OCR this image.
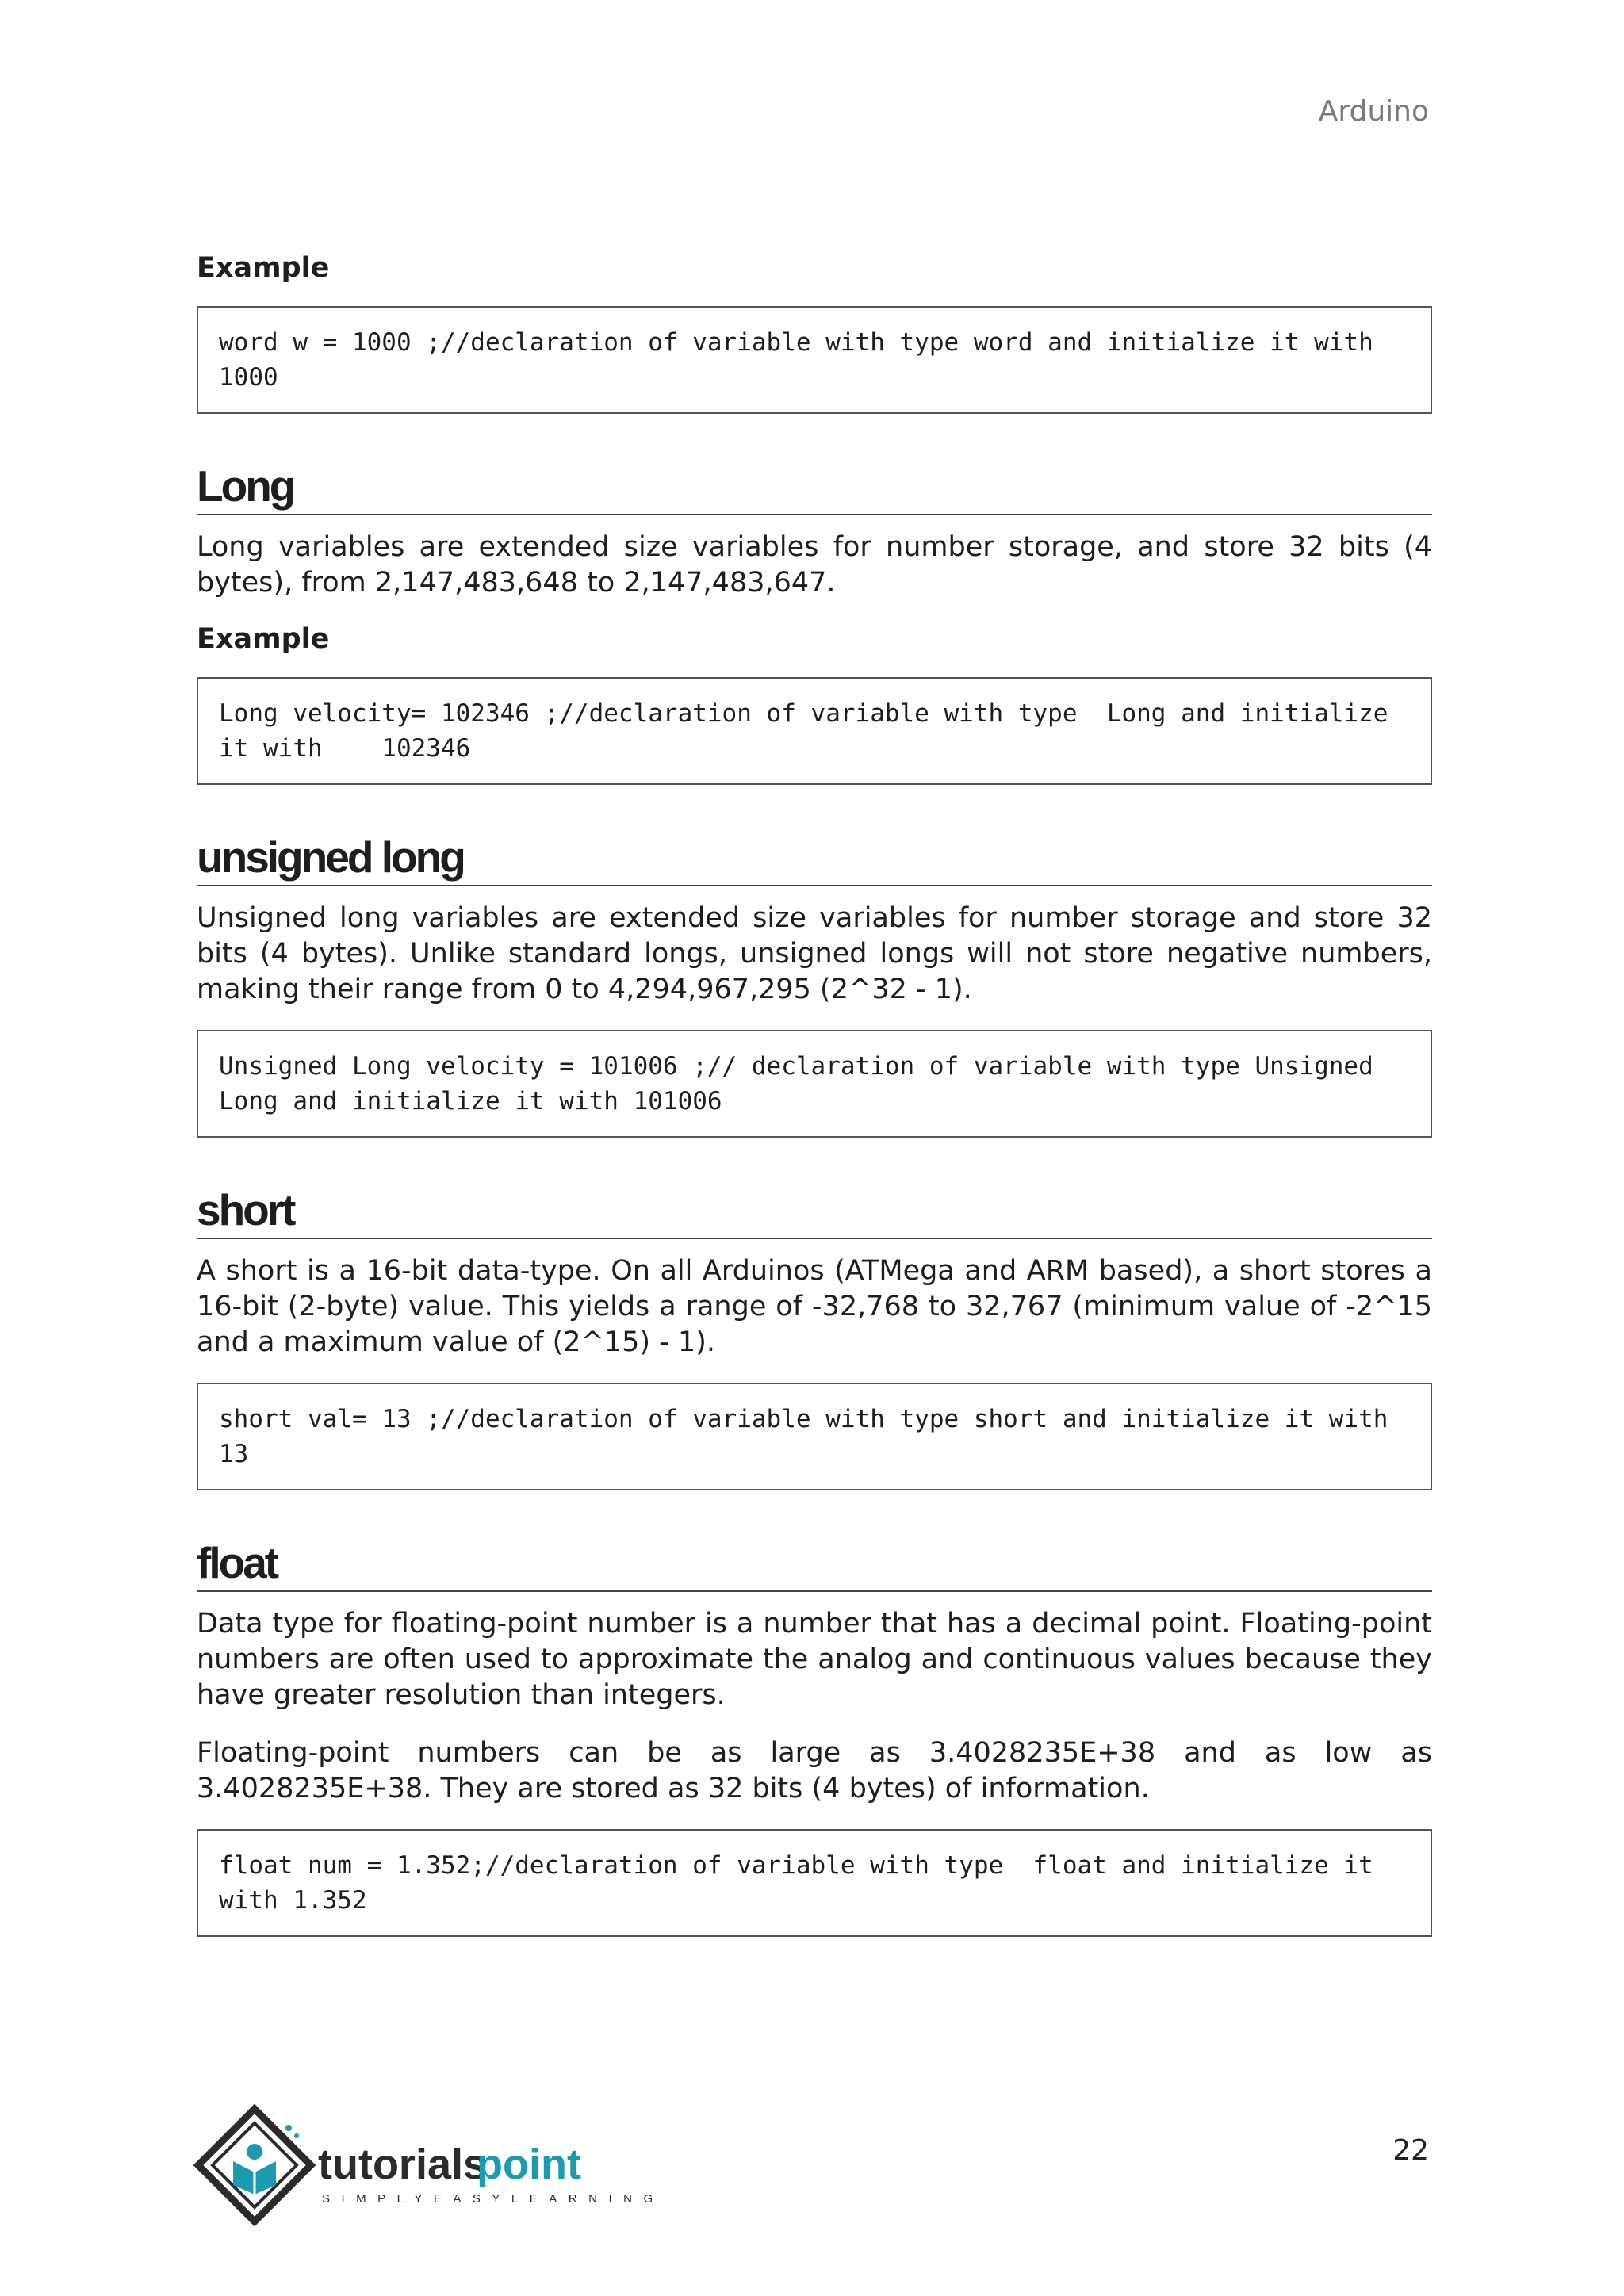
Arduino
Example
word w = 1000 ;//declaration of variable with type word and initialize it with 1000
Long

Long variables are extended size variables for number storage, and store 32 bits (4 bytes), from 2,147,483,648 to 2,147,483,647.

Example
Long velocity= 102346 ;//declaration of variable with type  Long and initialize it with    102346
unsigned long

Unsigned long variables are extended size variables for number storage and store 32 bits (4 bytes). Unlike standard longs, unsigned longs will not store negative numbers, making their range from 0 to 4,294,967,295 (2^32 - 1).

Unsigned Long velocity = 101006 ;// declaration of variable with type Unsigned Long and initialize it with 101006
short

A short is a 16-bit data-type. On all Arduinos (ATMega and ARM based), a short stores a 16-bit (2-byte) value. This yields a range of -32,768 to 32,767 (minimum value of -2^15 and a maximum value of (2^15) - 1).

short val= 13 ;//declaration of variable with type short and initialize it with 13
float

Data type for floating-point number is a number that has a decimal point. Floating-point numbers are often used to approximate the analog and continuous values because they have greater resolution than integers.

Floating-point numbers can be as large as 3.4028235E+38 and as low as 3.4028235E+38. They are stored as 32 bits (4 bytes) of information.

float num = 1.352;//declaration of variable with type  float and initialize it with 1.352
tutorials
point
SIMPLYEASYLEARNING
22
